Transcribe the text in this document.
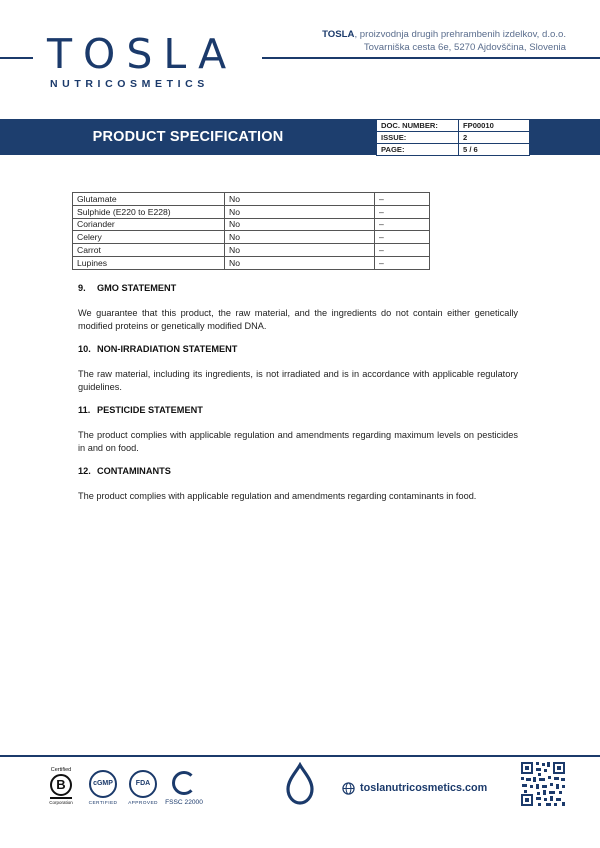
TOSLA
NUTRICOSMETICS
TOSLA, proizvodnja drugih prehrambenih izdelkov, d.o.o.
Tovarniška cesta 6e, 5270 Ajdovščina, Slovenia
PRODUCT SPECIFICATION
DOC. NUMBER:	FP00010
ISSUE:	2
PAGE:	5 / 6
Glutamate	No	–
Sulphide (E220 to E228)	No	–
Coriander	No	–
Celery	No	–
Carrot	No	–
Lupines	No	–
9. GMO STATEMENT
We guarantee that this product, the raw material, and the ingredients do not contain either genetically modified proteins or genetically modified DNA.
10. NON-IRRADIATION STATEMENT
The raw material, including its ingredients, is not irradiated and is in accordance with applicable regulatory guidelines.
11. PESTICIDE STATEMENT
The product complies with applicable regulation and amendments regarding maximum levels on pesticides in and on food.
12. CONTAMINANTS
The product complies with applicable regulation and amendments regarding contaminants in food.
Certified
B
Corporation
cGMP
CERTIFIED
FDA
APPROVED	FSSC 22000
toslanutricosmetics.com
